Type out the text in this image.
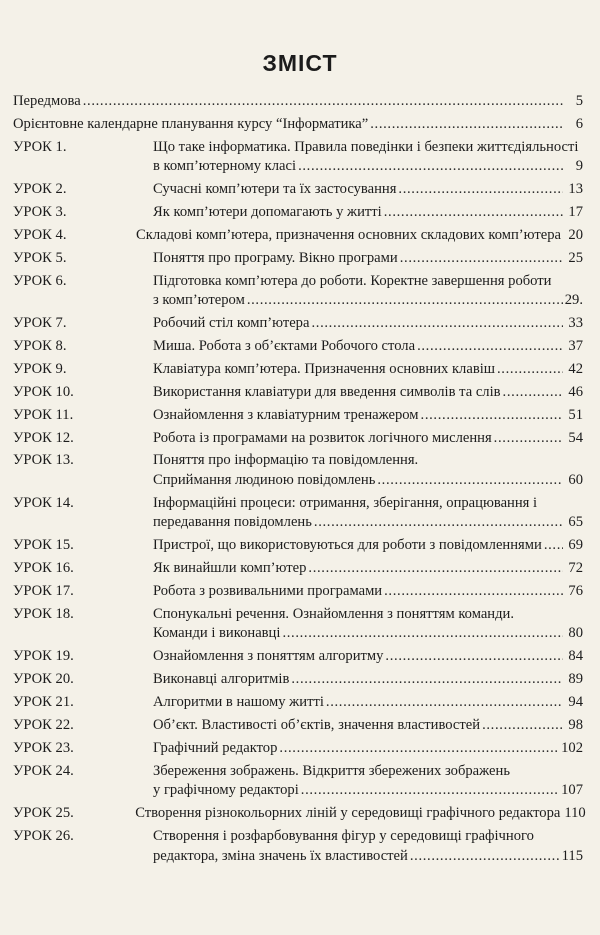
ЗМІСТ
Передмова . . .	5
Орієнтовне календарне планування курсу “Інформатика” . . .	6
УРОК 1.	Що таке інформатика. Правила поведінки і безпеки життєдіяльності
в комп’ютерному класі . . .	9
УРОК 2.	Сучасні комп’ютери та їх застосування . . .	13
УРОК 3.	Як комп’ютери допомагають у житті . . .	17
УРОК 4.	Складові комп’ютера, призначення основних складових комп’ютера 20
УРОК 5.	Поняття про програму. Вікно програми . . .	25
УРОК 6.	Підготовка комп’ютера до роботи. Коректне завершення роботи
з комп’ютером . . .	29.
УРОК 7.	Робочий стіл комп’ютера . . .	33
УРОК 8.	Миша. Робота з об’єктами Робочого стола . . .	37
УРОК 9.	Клавіатура комп’ютера. Призначення основних клавіш . . .	42
УРОК 10.	Використання клавіатури для введення символів та слів . . .	46
УРОК 11.	Ознайомлення з клавіатурним тренажером . . .	51
УРОК 12.	Робота із програмами на розвиток логічного мислення . . .	54
УРОК 13.	Поняття про інформацію та повідомлення.
Сприймання людиною повідомлень . . .	60
УРОК 14.	Інформаційні процеси: отримання, зберігання, опрацювання і
передавання повідомлень . . .	65
УРОК 15.	Пристрої, що використовуються для роботи з повідомленнями . . . 69
УРОК 16.	Як винайшли комп’ютер . . .	72
УРОК 17.	Робота з розвивальними програмами . . .	76
УРОК 18.	Спонукальні речення. Ознайомлення з поняттям команди.
Команди і виконавці . . .	80
УРОК 19.	Ознайомлення з поняттям алгоритму . . .	84
УРОК 20.	Виконавці алгоритмів . . .	89
УРОК 21.	Алгоритми в нашому житті . . .	94
УРОК 22.	Об’єкт. Властивості об’єктів, значення властивостей . . .	98
УРОК 23.	Графічний редактор . . .	102
УРОК 24.	Збереження зображень. Відкриття збережених зображень
у графічному редакторі . . .	107
УРОК 25.	Створення різнокольорних ліній у середовищі графічного редактора 110
УРОК 26.	Створення і розфарбовування фігур у середовищі графічного
редактора, зміна значень їх властивостей . . .	115
